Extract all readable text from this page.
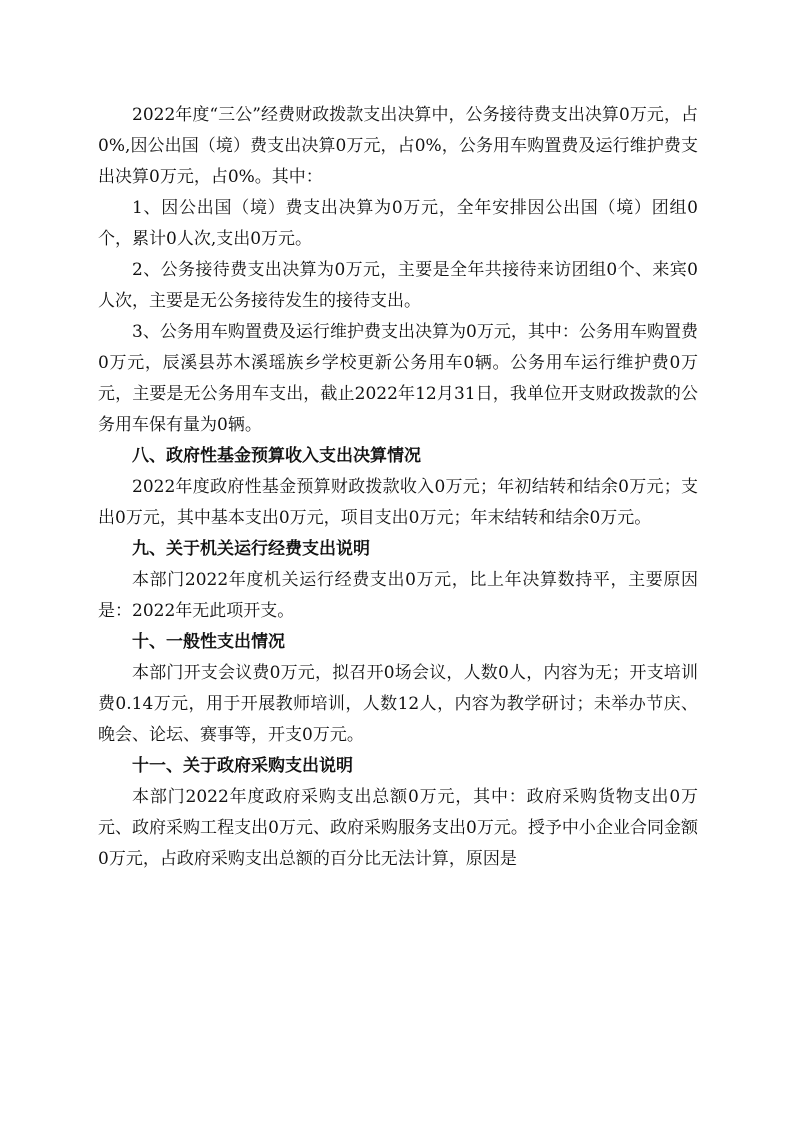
2022年度“三公”经费财政拨款支出决算中，公务接待费支出决算0万元，占0%,因公出国（境）费支出决算0万元，占0%，公务用车购置费及运行维护费支出决算0万元，占0%。其中：

1、因公出国（境）费支出决算为0万元，全年安排因公出国（境）团组0个，累计0人次,支出0万元。

2、公务接待费支出决算为0万元，主要是全年共接待来访团组0个、来宾0人次，主要是无公务接待发生的接待支出。

3、公务用车购置费及运行维护费支出决算为0万元，其中：公务用车购置费0万元，辰溪县苏木溪瑶族乡学校更新公务用车0辆。公务用车运行维护费0万元，主要是无公务用车支出，截止2022年12月31日，我单位开支财政拨款的公务用车保有量为0辆。

八、政府性基金预算收入支出决算情况

2022年度政府性基金预算财政拨款收入0万元；年初结转和结余0万元；支出0万元，其中基本支出0万元，项目支出0万元；年末结转和结余0万元。

九、关于机关运行经费支出说明

本部门2022年度机关运行经费支出0万元，比上年决算数持平，主要原因是：2022年无此项开支。

十、一般性支出情况

本部门开支会议费0万元，拟召开0场会议，人数0人，内容为无；开支培训费0.14万元，用于开展教师培训，人数12人，内容为教学研讨；未举办节庆、晚会、论坛、赛事等，开支0万元。

十一、关于政府采购支出说明

本部门2022年度政府采购支出总额0万元，其中：政府采购货物支出0万元、政府采购工程支出0万元、政府采购服务支出0万元。授予中小企业合同金额0万元，占政府采购支出总额的百分比无法计算，原因是
